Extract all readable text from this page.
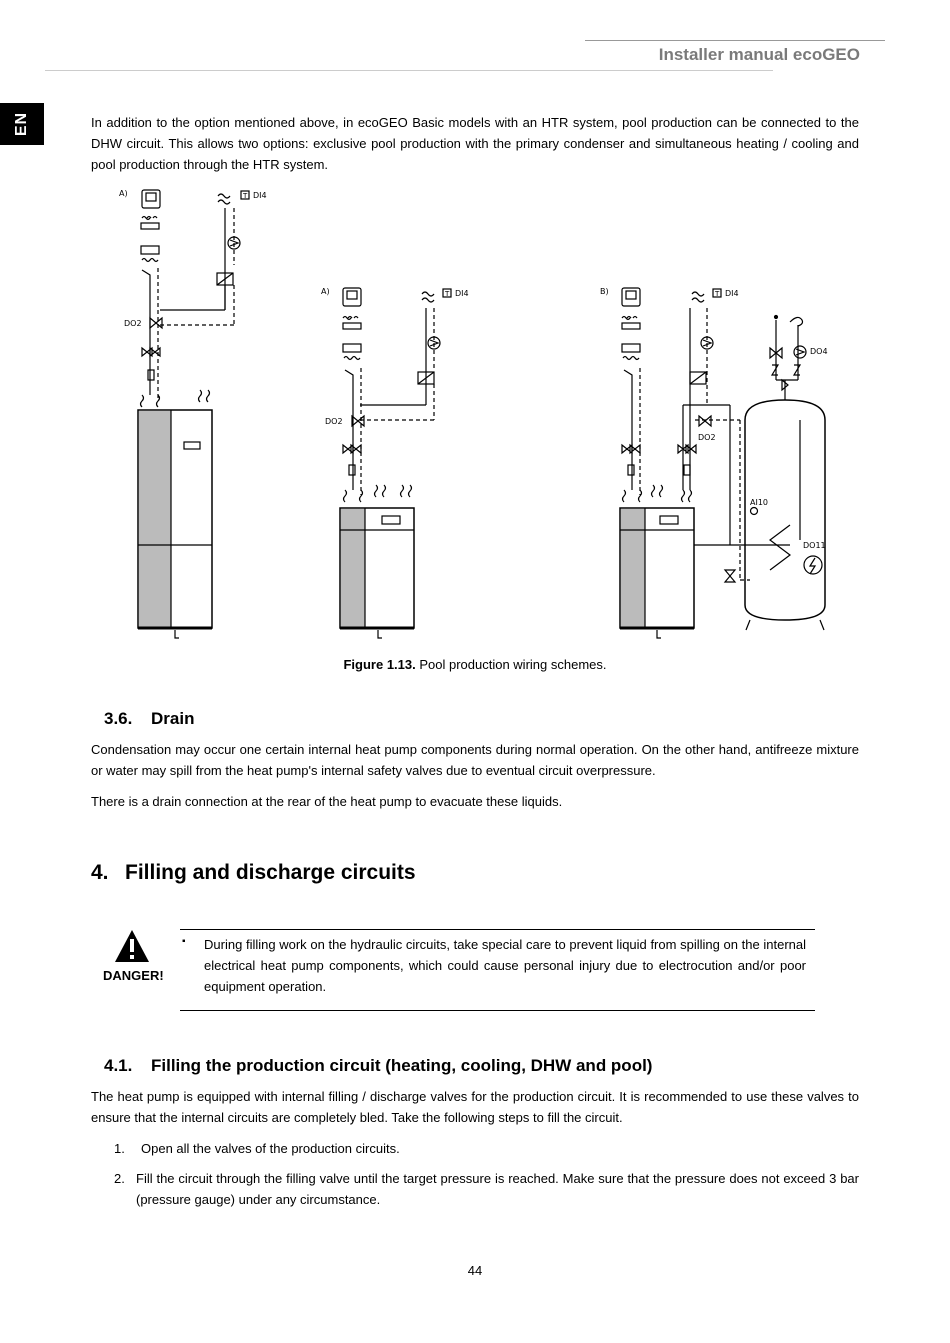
Installer manual ecoGEO
EN	In addition to the option mentioned above, in ecoGEO Basic models with an HTR system, pool production can be connected to the DHW circuit. This allows two options: exclusive pool production with the primary condenser and simultaneous heating / cooling and pool production through the HTR system.
A)	T DI4
DO2
A)	T DI4
DO2
B)	T DI4
DO2
AI10
DO11
DO4
Figure 1.13. Pool production wiring schemes.
3.6. Drain
Condensation may occur one certain internal heat pump components during normal operation. On the other hand, antifreeze mixture or water may spill from the heat pump's internal safety valves due to eventual circuit overpressure.
There is a drain connection at the rear of the heat pump to evacuate these liquids.
4. Filling and discharge circuits
DANGER!
▪ During filling work on the hydraulic circuits, take special care to prevent liquid from spilling on the internal electrical heat pump components, which could cause personal injury due to electrocution and/or poor equipment operation.
4.1. Filling the production circuit (heating, cooling, DHW and pool)
The heat pump is equipped with internal filling / discharge valves for the production circuit. It is recommended to use these valves to ensure that the internal circuits are completely bled. Take the following steps to fill the circuit.
1. Open all the valves of the production circuits.
2. Fill the circuit through the filling valve until the target pressure is reached. Make sure that the pressure does not exceed 3 bar (pressure gauge) under any circumstance.
44
